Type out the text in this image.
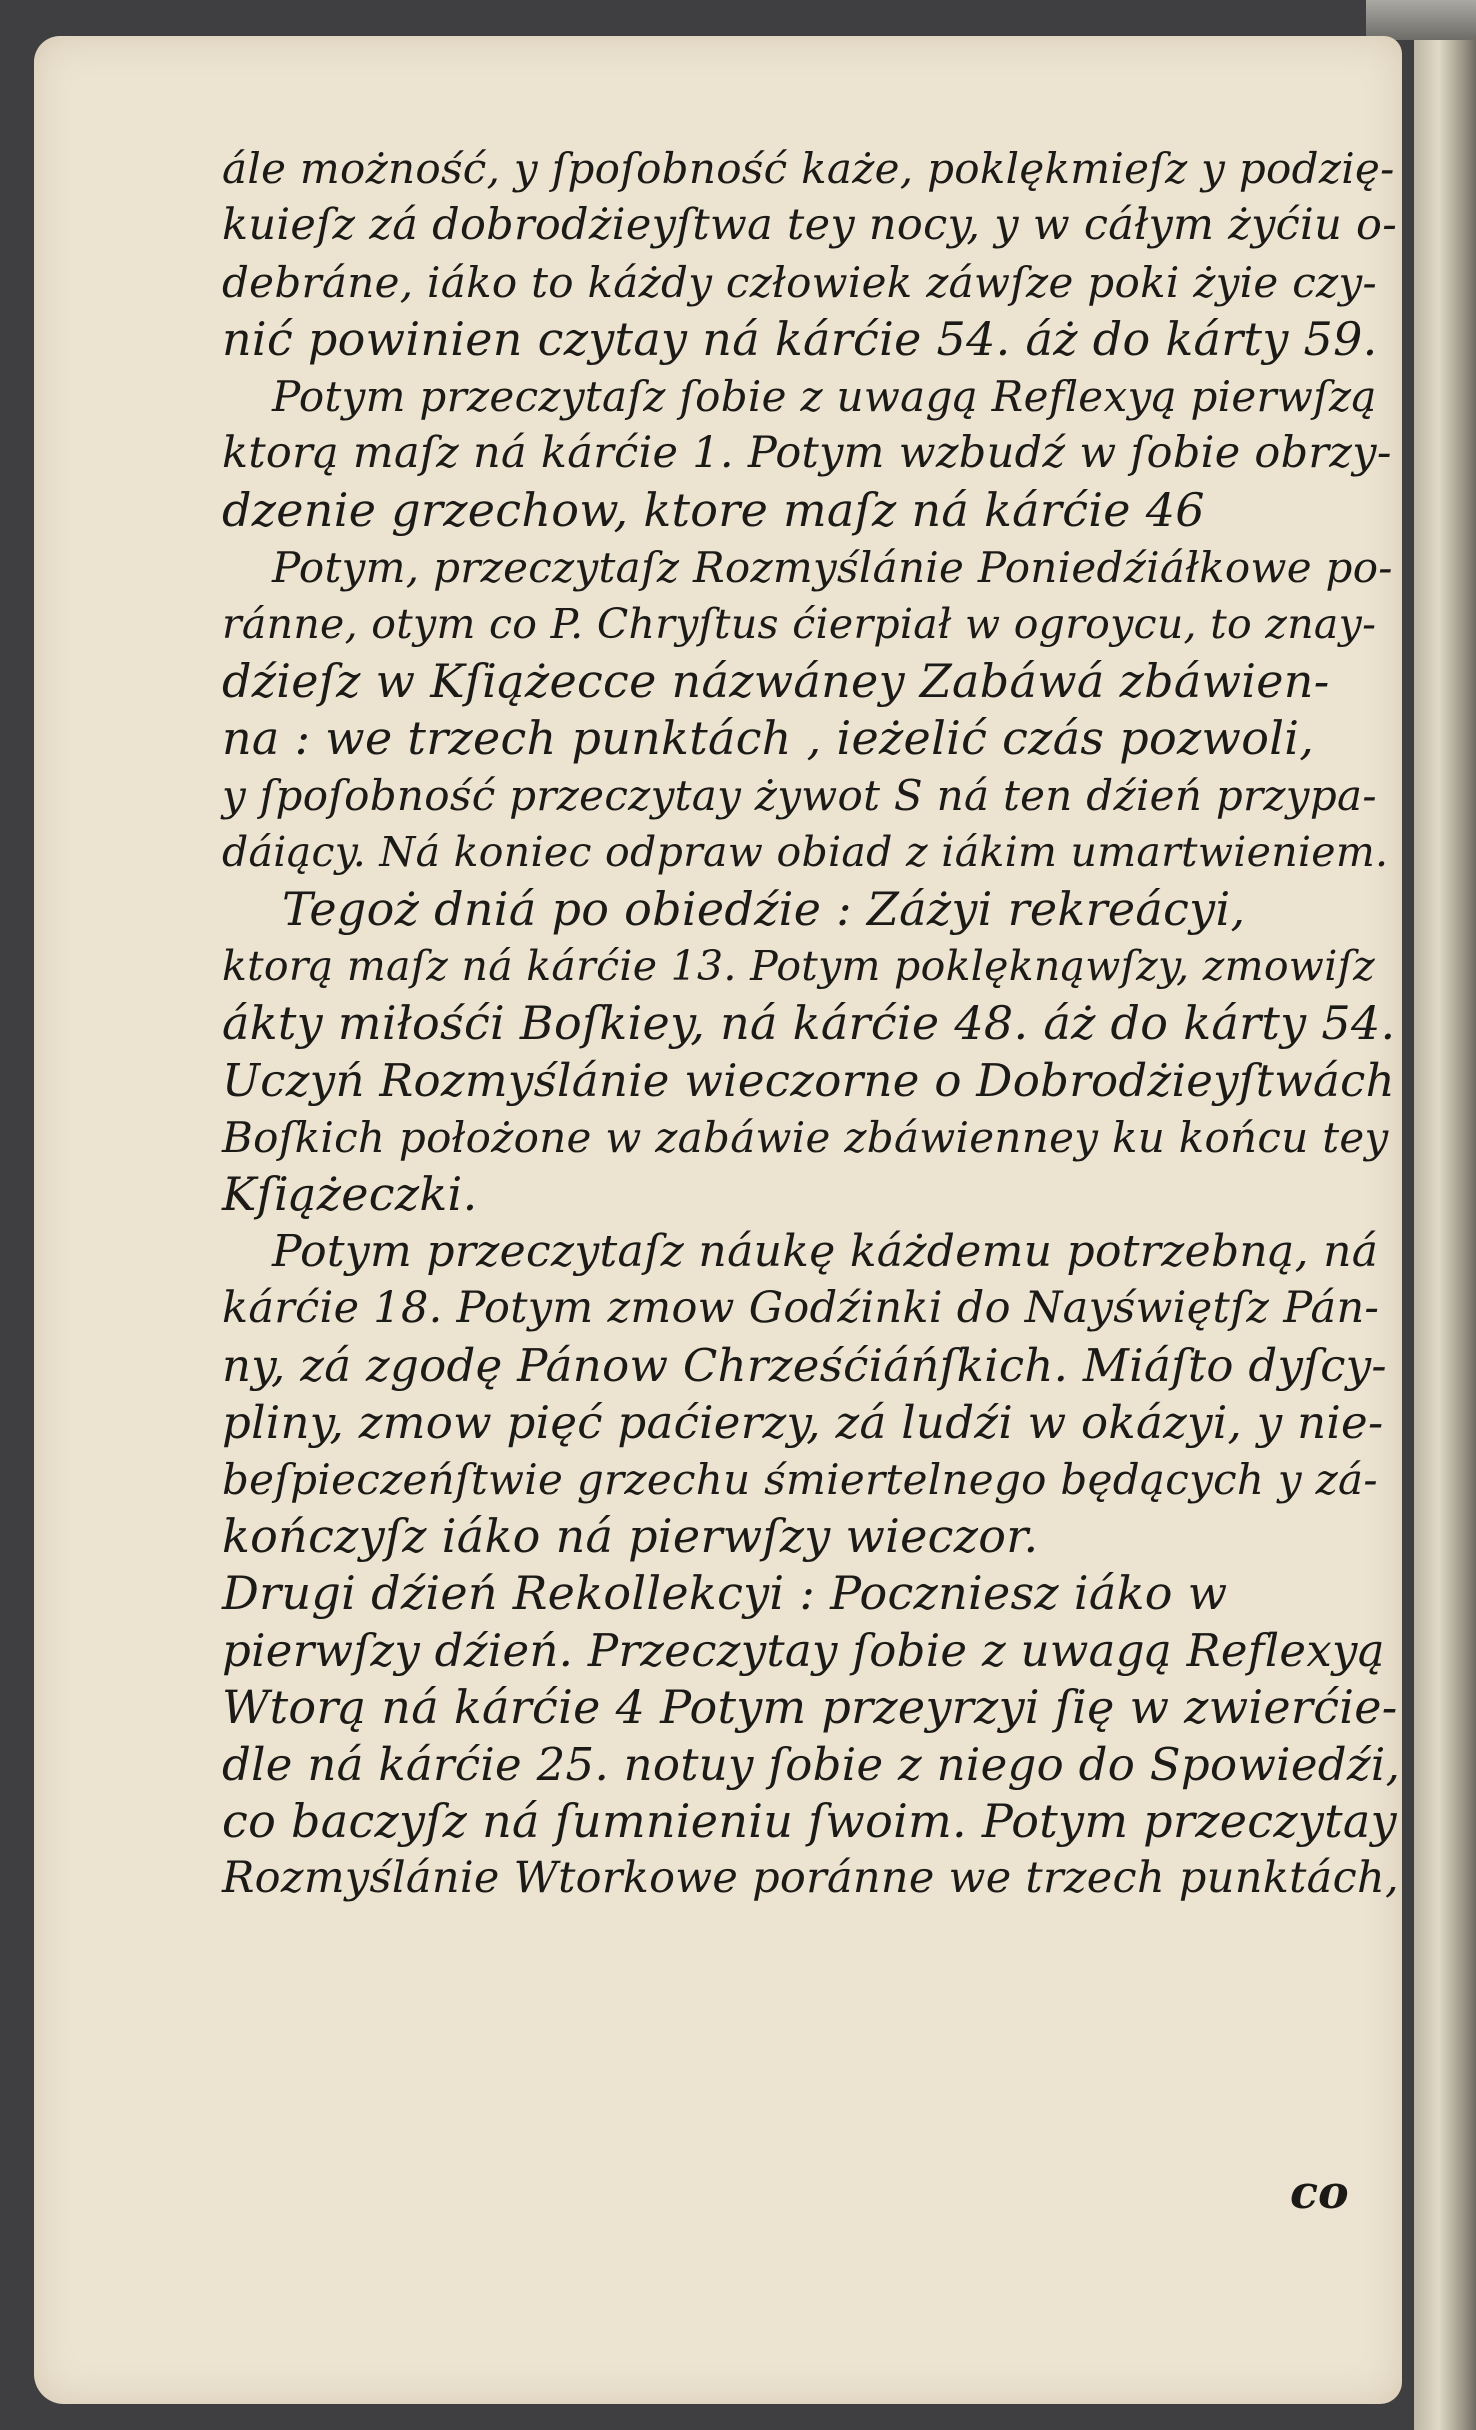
ále możność, y ſpoſobność każe, poklękmieſz y podzię-
kuieſz zá dobrodżieyſtwa tey nocy, y w cáłym żyćiu o-
debráne, iáko to káżdy człowiek záwſze poki żyie czy-
nić powinien czytay ná kárćie 54. áż do kárty 59.
Potym przeczytaſz ſobie z uwagą Reflexyą pierwſzą
ktorą maſz ná kárćie 1. Potym wzbudź w ſobie obrzy-
dzenie grzechow, ktore maſz ná kárćie 46
Potym, przeczytaſz Rozmyślánie Poniedźiáłkowe po-
ránne, otym co P. Chryſtus ćierpiał w ogroycu, to znay-
dźieſz w Kſiążecce názwáney Zabáwá zbáwien-
na : we trzech punktách , ieżelić czás pozwoli,
y ſpoſobność przeczytay żywot S ná ten dźień przypa-
dáiący. Ná koniec odpraw obiad z iákim umartwieniem.
Tegoż dniá po obiedźie : Záżyi rekreácyi,
ktorą maſz ná kárćie 13. Potym poklęknąwſzy, zmowiſz
ákty miłośći Boſkiey, ná kárćie 48. áż do kárty 54.
Uczyń Rozmyślánie wieczorne o Dobrodżieyſtwách
Boſkich położone w zabáwie zbáwienney ku końcu tey
Kſiążeczki.
Potym przeczytaſz náukę káżdemu potrzebną, ná
kárćie 18. Potym zmow Godźinki do Nayświętſz Pán-
ny, zá zgodę Pánow Chrześćiáńſkich. Miáſto dyſcy-
pliny, zmow pięć paćierzy, zá ludźi w okázyi, y nie-
beſpieczeńſtwie grzechu śmiertelnego będących y zá-
kończyſz iáko ná pierwſzy wieczor.
Drugi dźień Rekollekcyi : Poczniesz iáko w
pierwſzy dźień. Przeczytay ſobie z uwagą Reflexyą
Wtorą ná kárćie 4 Potym przeyrzyi ſię w zwierćie-
dle ná kárćie 25. notuy ſobie z niego do Spowiedźi,
co baczyſz ná ſumnieniu ſwoim. Potym przeczytay
Rozmyślánie Wtorkowe poránne we trzech punktách,
co
